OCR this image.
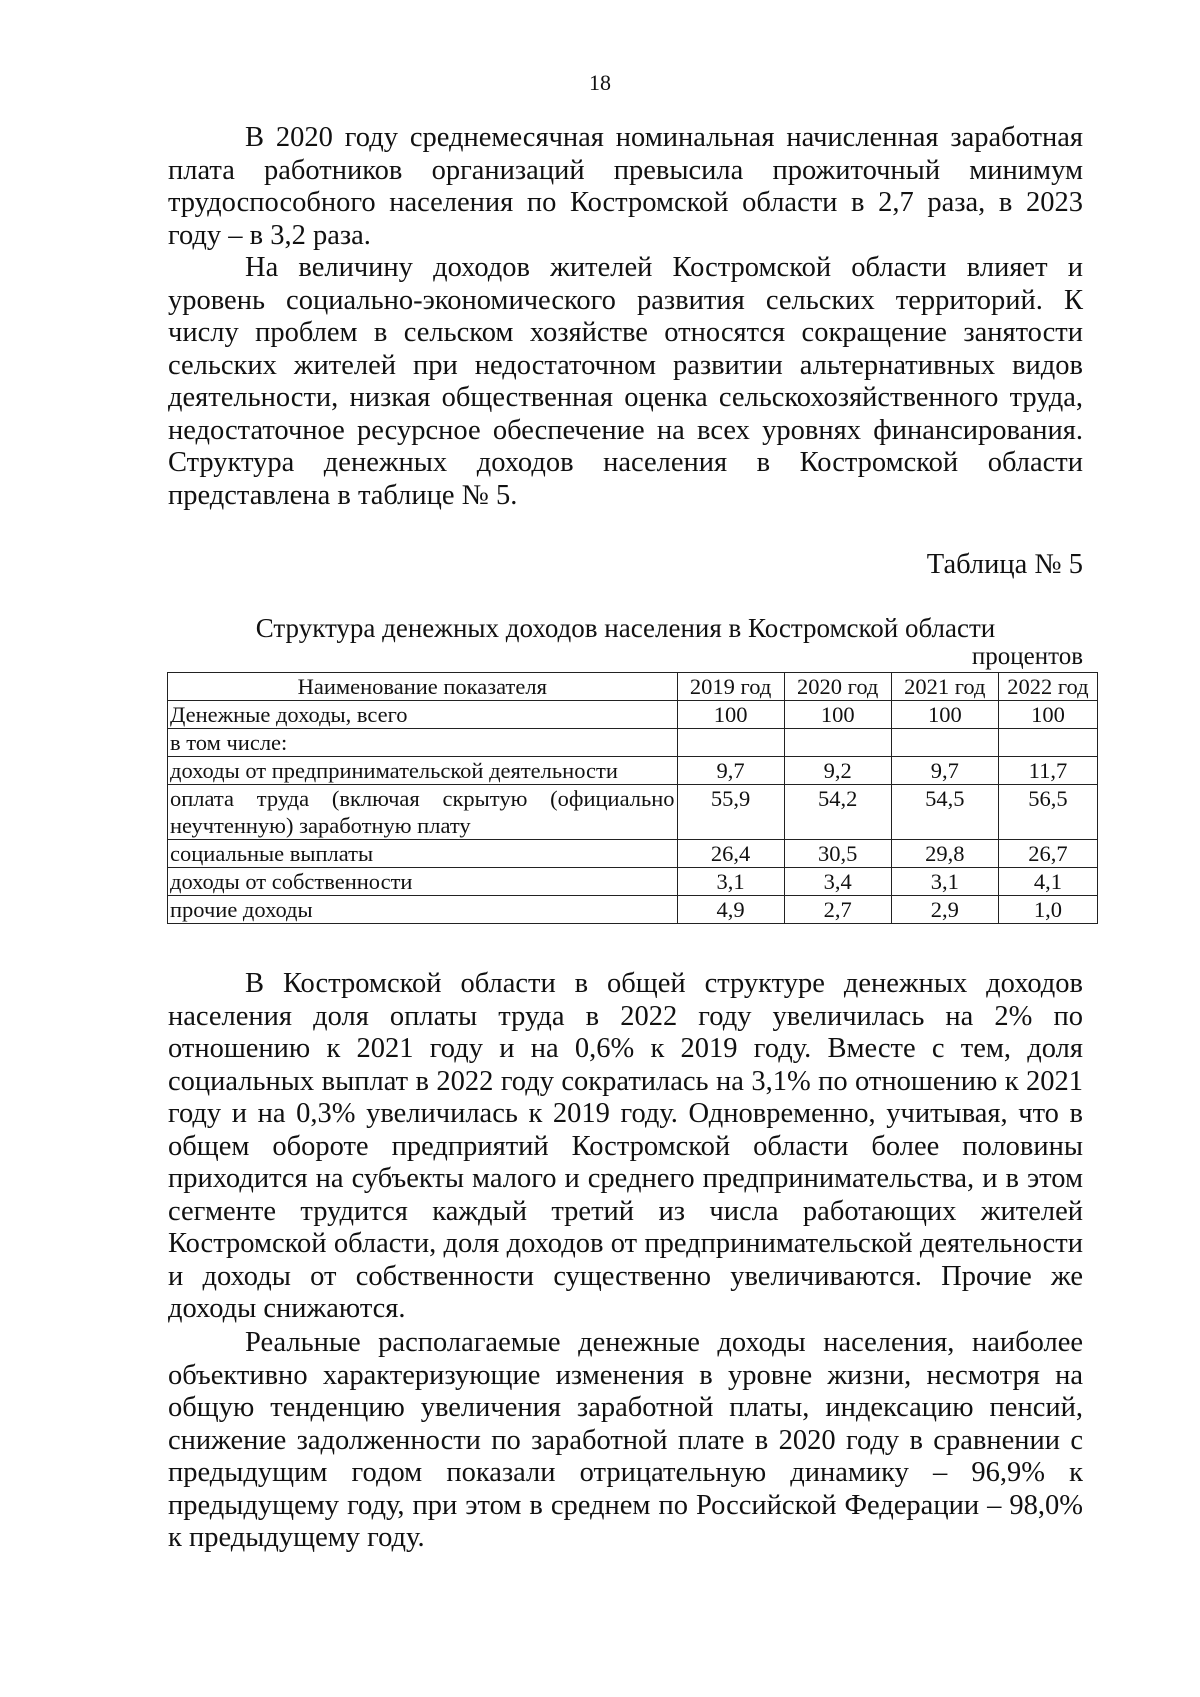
18

В 2020 году среднемесячная номинальная начисленная заработная плата работников организаций превысила прожиточный минимум трудоспособного населения по Костромской области в 2,7 раза, в 2023 году – в 3,2 раза.

На величину доходов жителей Костромской области влияет и уровень социально-экономического развития сельских территорий. К числу проблем в сельском хозяйстве относятся сокращение занятости сельских жителей при недостаточном развитии альтернативных видов деятельности, низкая общественная оценка сельскохозяйственного труда, недостаточное ресурсное обеспечение на всех уровнях финансирования. Структура денежных доходов населения в Костромской области представлена в таблице № 5.

Таблица № 5
Структура денежных доходов населения в Костромской области
процентов
Наименование показателя	2019 год	2020 год	2021 год	2022 год
Денежные доходы, всего	100	100	100	100
в том числе:				
доходы от предпринимательской деятельности	9,7	9,2	9,7	11,7
оплата труда (включая скрытую (официально неучтенную) заработную плату	55,9	54,2	54,5	56,5
социальные выплаты	26,4	30,5	29,8	26,7
доходы от собственности	3,1	3,4	3,1	4,1
прочие доходы	4,9	2,7	2,9	1,0

В Костромской области в общей структуре денежных доходов населения доля оплаты труда в 2022 году увеличилась на 2% по отношению к 2021 году и на 0,6% к 2019 году. Вместе с тем, доля социальных выплат в 2022 году сократилась на 3,1% по отношению к 2021 году и на 0,3% увеличилась к 2019 году. Одновременно, учитывая, что в общем обороте предприятий Костромской области более половины приходится на субъекты малого и среднего предпринимательства, и в этом сегменте трудится каждый третий из числа работающих жителей Костромской области, доля доходов от предпринимательской деятельности и доходы от собственности существенно увеличиваются. Прочие же доходы снижаются.

Реальные располагаемые денежные доходы населения, наиболее объективно характеризующие изменения в уровне жизни, несмотря на общую тенденцию увеличения заработной платы, индексацию пенсий, снижение задолженности по заработной плате в 2020 году в сравнении с предыдущим годом показали отрицательную динамику – 96,9% к предыдущему году, при этом в среднем по Российской Федерации – 98,0% к предыдущему году.
